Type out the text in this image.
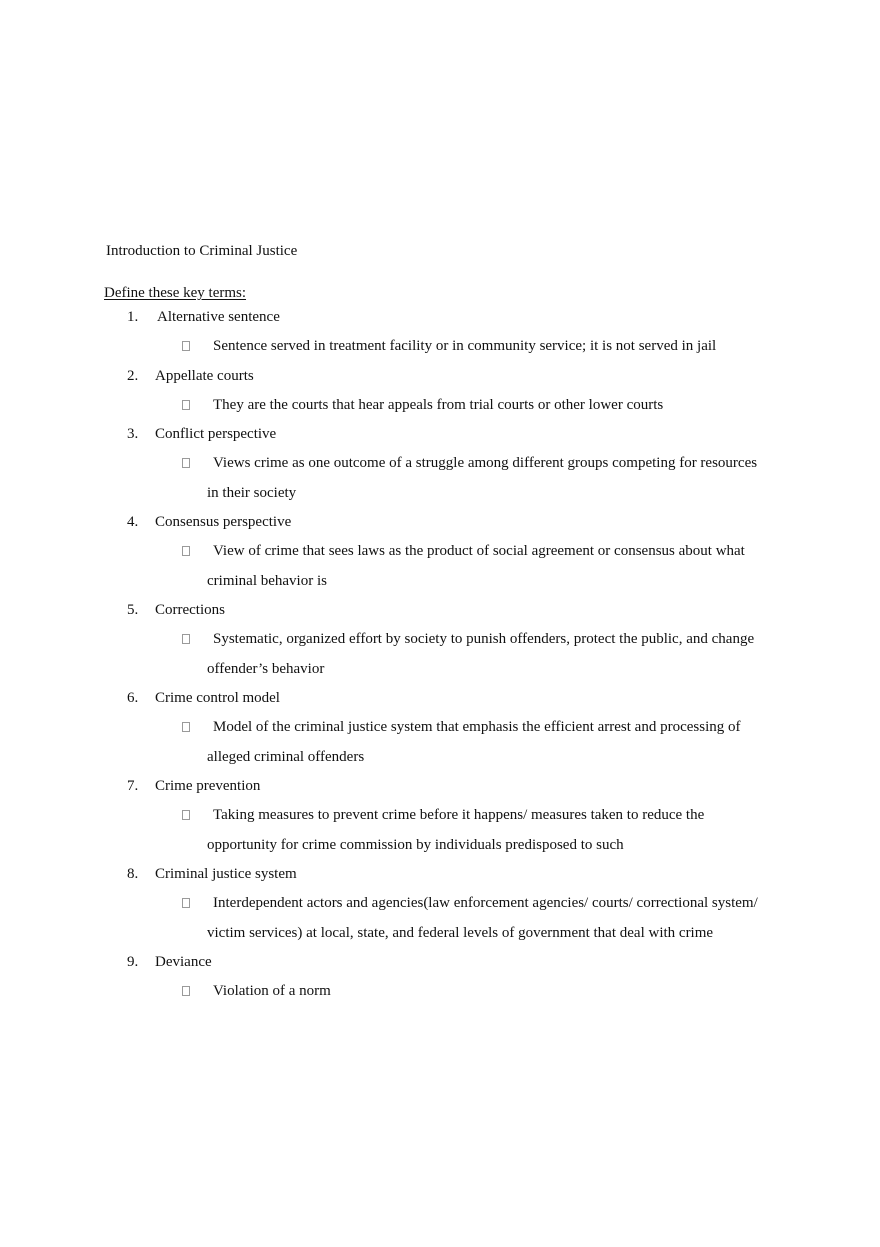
Introduction to Criminal Justice
Define these key terms:
1.	Alternative sentence
Sentence served in treatment facility or in community service; it is not served in jail
2.	Appellate courts
They are the courts that hear appeals from trial courts or other lower courts
3.	Conflict perspective
Views crime as one outcome of a struggle among different groups competing for resources in their society
4.	Consensus perspective
View of crime that sees laws as the product of social agreement or consensus about what criminal behavior is
5.	Corrections
Systematic, organized effort by society to punish offenders, protect the public, and change offender’s behavior
6.	Crime control model
Model of the criminal justice system that emphasis the efficient arrest and processing of alleged criminal offenders
7.	Crime prevention
Taking measures to prevent crime before it happens/ measures taken to reduce the opportunity for crime commission by individuals predisposed to such
8.	Criminal justice system
Interdependent actors and agencies(law enforcement agencies/ courts/ correctional system/ victim services) at local, state, and federal levels of government that deal with crime
9.	Deviance
Violation of a norm
